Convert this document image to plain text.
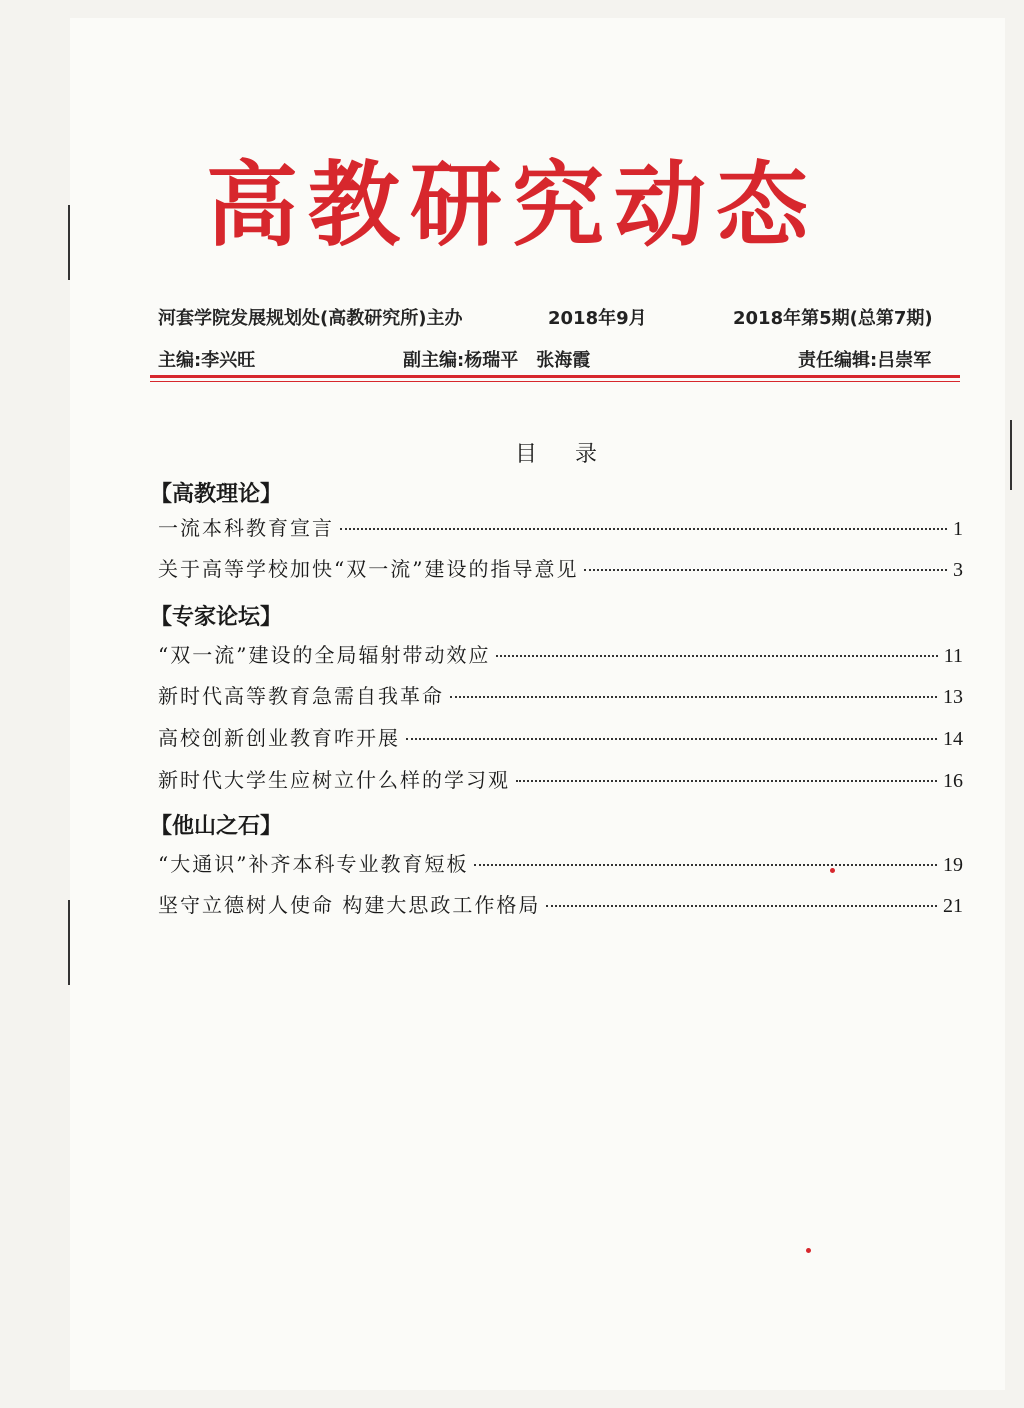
高教研究动态
河套学院发展规划处(高教研究所)主办	2018年9月	2018年第5期(总第7期)
主编:李兴旺	副主编:杨瑞平　张海霞	责任编辑:吕崇军
目录
【高教理论】
一流本科教育宣言	1
关于高等学校加快“双一流”建设的指导意见	3
【专家论坛】
“双一流”建设的全局辐射带动效应	11
新时代高等教育急需自我革命	13
高校创新创业教育咋开展	14
新时代大学生应树立什么样的学习观	16
【他山之石】
“大通识”补齐本科专业教育短板	19
坚守立德树人使命 构建大思政工作格局	21
